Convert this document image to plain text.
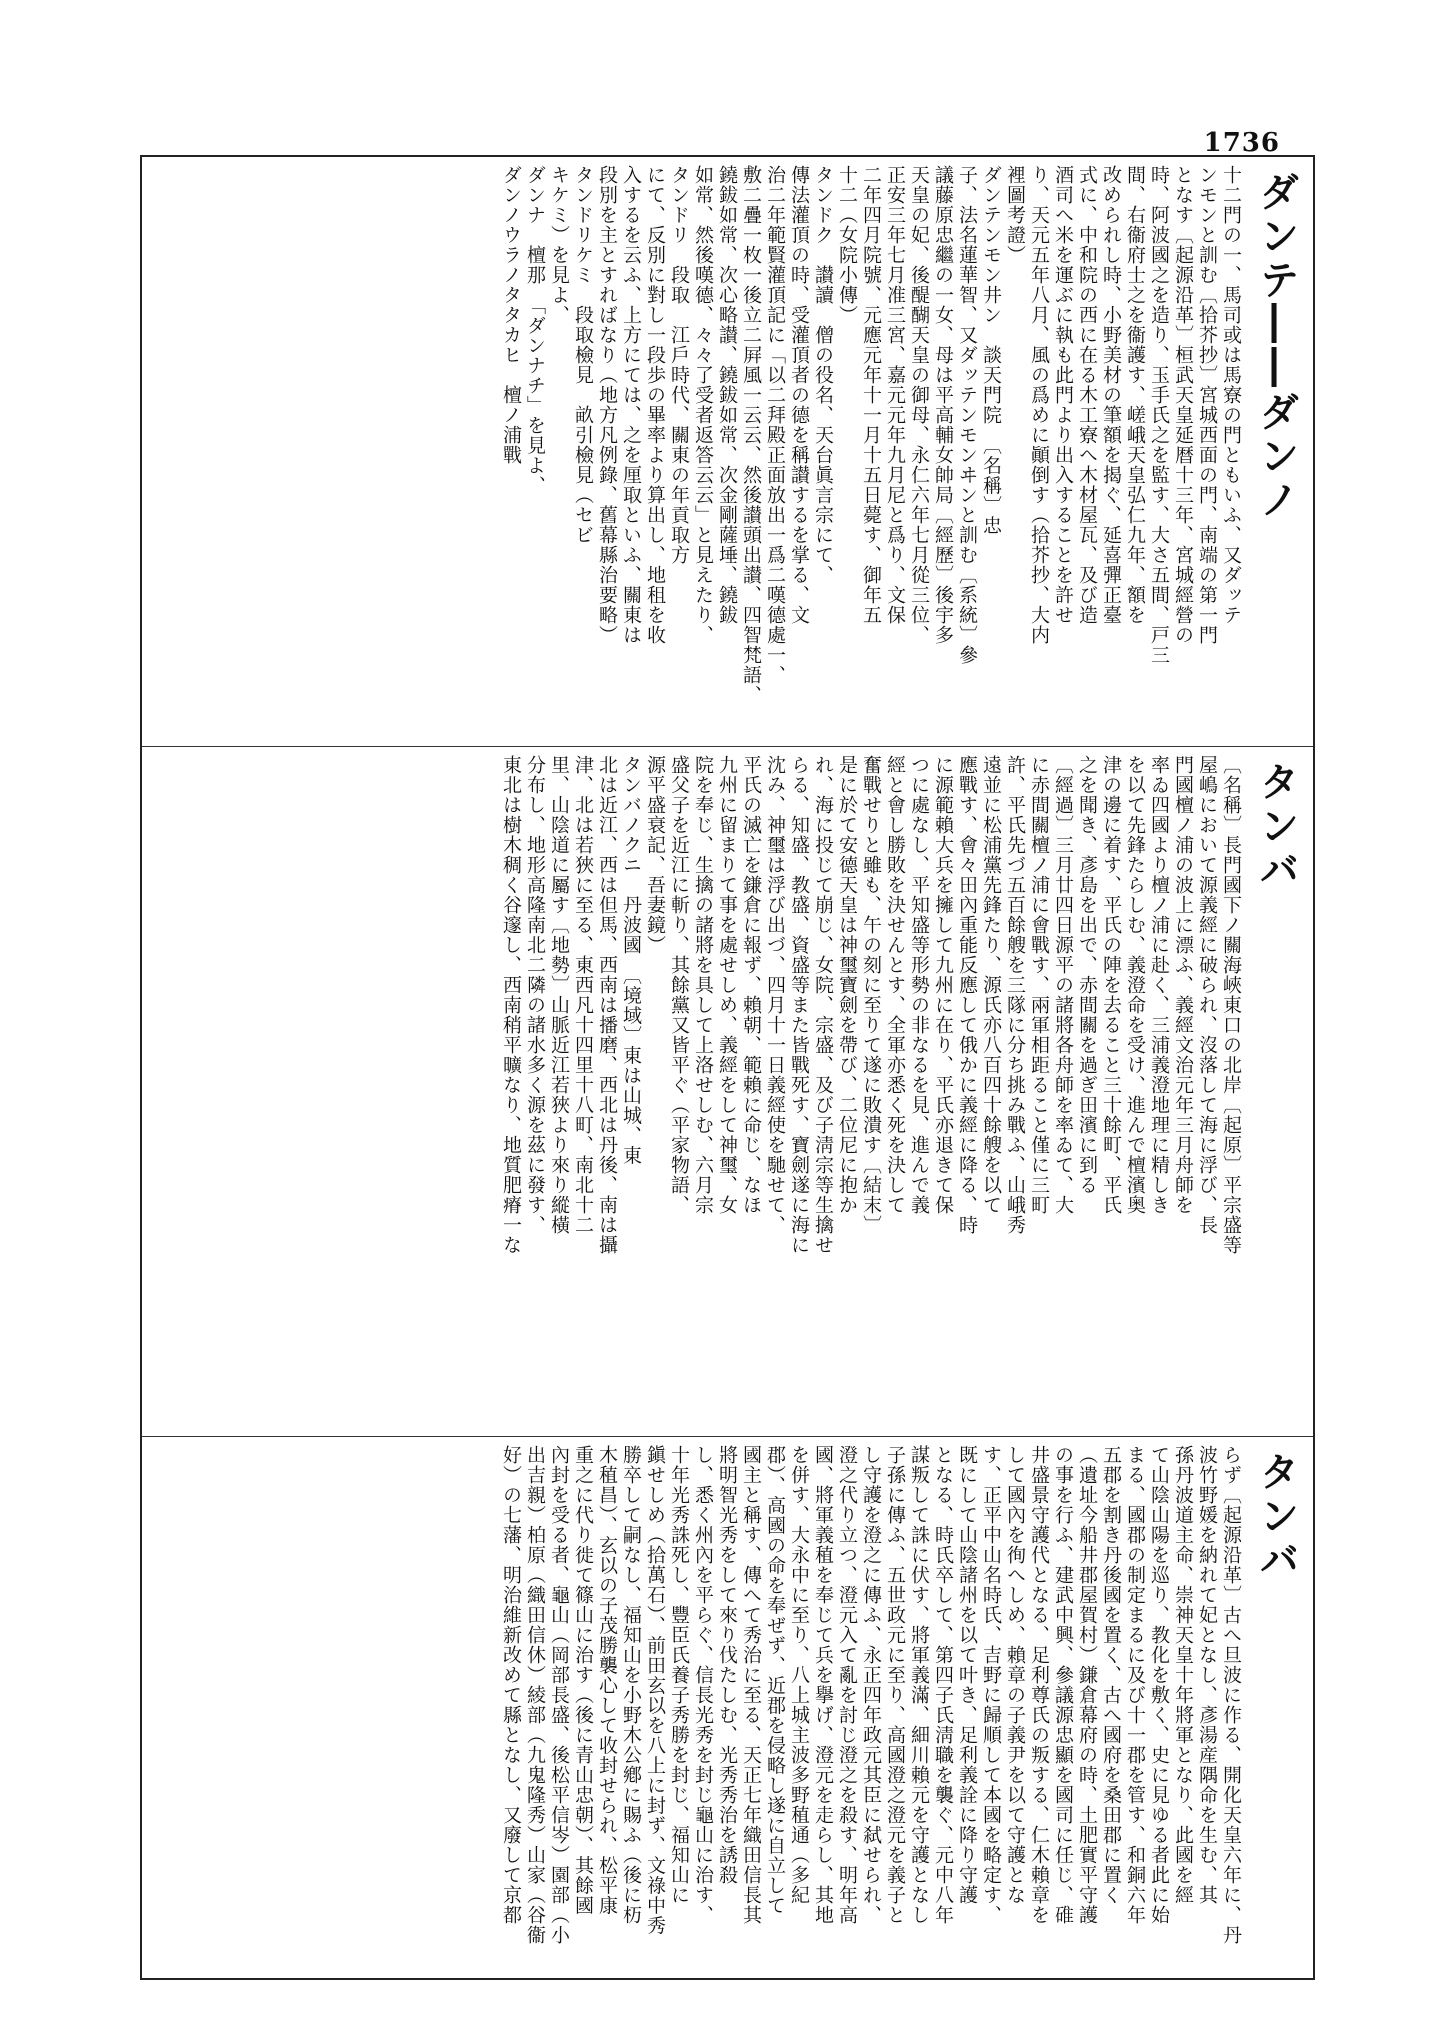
1736
ダンテ――ダンノ
十二門の一、馬司或は馬寮の門ともいふ、又ダッテ
ンモンと訓む〔拾芥抄〕宮城西面の門、南端の第一門
となす〔起源沿革〕桓武天皇延暦十三年、宮城經營の
時、阿波國之を造り、玉手氏之を監す、大さ五間、戸三
間、右衞府士之を衞護す、嵯峨天皇弘仁九年、額を
改められし時、小野美材の筆額を揭ぐ、延喜彈正臺
式に、中和院の西に在る木工寮へ木材屋瓦、及び造
酒司へ米を運ぶに執も此門より出入することを許せ
り、天元五年八月、風の爲めに顚倒す（拾芥抄、大内
裡圖考證）
ダンテンモン井ン　談天門院　〔名稱〕忠
子、法名蓮華智、又ダッテンモンヰンと訓む〔系統〕參
議藤原忠繼の一女、母は平高輔女帥局〔經歷〕後宇多
天皇の妃、後醍醐天皇の御母、永仁六年七月從三位、
正安三年七月准三宮、嘉元元年九月尼と爲り、文保
二年四月院號、元應元年十一月十五日薨す、御年五
十二（女院小傳）
タンドク　讃讀　僧の役名、天台眞言宗にて、
傳法灌頂の時、受灌頂者の德を稱讃するを掌る、文
治二年範賢灌頂記に「以二拜殿正面放出一爲二嘆德處一、
敷二疊一枚一後立二屛風一云云、然後讃頭出讃、四智梵語、
鐃鈸如常、次心略讃、鐃鈸如常、次金剛薩埵、鐃鈸
如常、然後嘆德、々々了受者返答云云」と見えたり、
タンドリ　段取　江戶時代、關東の年貢取方
にて、反別に對し一段歩の畢率より算出し、地租を收
入するを云ふ、上方にては、之を厘取といふ、關東は
段別を主とすればなり（地方凡例錄、舊幕縣治要略）
タンドリケミ　段取檢見　畝引檢見（セビ
キケミ）を見よ、
ダンナ　檀那　「ダンナチ」を見よ、
ダンノウラノタタカヒ　檀ノ浦戰
タンバ
〔名稱〕長門國下ノ關海峽東口の北岸〔起原〕平宗盛等
屋嶋において源義經に破られ、沒落して海に浮び、長
門國檀ノ浦の波上に漂ふ、義經文治元年三月舟師を
率ゐ四國より檀ノ浦に赴く、三浦義澄地理に精しき
を以て先鋒たらしむ、義澄命を受け、進んで檀濱奥
津の邊に着す、平氏の陣を去ること三十餘町、平氏
之を聞き、彥島を出で、赤間關を過ぎ田濱に到る
〔經過〕三月廿四日源平の諸將各舟師を率ゐて、大
に赤間關檀ノ浦に會戰す、兩軍相距ること僅に三町
許、平氏先づ五百餘艘を三隊に分ち挑み戰ふ、山峨秀
遠並に松浦黨先鋒たり、源氏亦八百四十餘艘を以て
應戰す、會々田內重能反應して俄かに義經に降る、時
に源範賴大兵を擁して九州に在り、平氏亦退きて保
つに處なし、平知盛等形勢の非なるを見、進んで義
經と會し勝敗を決せんとす、全軍亦悉く死を決して
奮戰せりと雖も、午の刻に至りて遂に敗潰す〔結末〕
是に於て安德天皇は神璽寶劍を帶び、二位尼に抱か
れ、海に投じて崩じ、女院、宗盛、及び子淸宗等生擒せ
らる、知盛、教盛、資盛等また皆戰死す、寶劍遂に海に
沈み、神璽は浮び出づ、四月十一日義經使を馳せて、
平氏の滅亡を鎌倉に報ず、賴朝、範賴に命じ、なほ
九州に留まりて事を處せしめ、義經をして神璽、女
院を奉じ、生擒の諸將を具して上洛せしむ、六月宗
盛父子を近江に斬り、其餘黨又皆平ぐ（平家物語、
源平盛衰記、吾妻鏡）
タンバノクニ　丹波國　〔境域〕東は山城、東
北は近江、西は但馬、西南は播磨、西北は丹後、南は攝
津、北は若狹に至る、東西凡十四里十八町、南北十二
里、山陰道に屬す〔地勢〕山脈近江若狹より來り縱橫
分布し、地形高隆南北二隣の諸水多く源を茲に發す、
東北は樹木稠く谷邃し、西南稍平曠なり、地質肥瘠一な
タンバ
らず〔起源沿革〕古へ旦波に作る、開化天皇六年に、丹
波竹野媛を納れて妃となし、彥湯産隅命を生む、其
孫丹波道主命、崇神天皇十年將軍となり、此國を經
て山陰山陽を巡り、教化を敷く、史に見ゆる者此に始
まる、國郡の制定まるに及び十一郡を管す、和銅六年
五郡を割き丹後國を置く、古へ國府を桑田郡に置く
（遺址今船井郡屋賀村）鎌倉幕府の時、土肥實平守護
の事を行ふ、建武中興、參議源忠顯を國司に任じ、碓
井盛景守護代となる、足利尊氏の叛する、仁木賴章を
して國內を徇へしめ、賴章の子義尹を以て守護とな
す、正平中山名時氏、吉野に歸順して本國を略定す、
既にして山陰諸州を以て叶き、足利義詮に降り守護
となる、時氏卒して、第四子氏淸職を襲ぐ、元中八年
謀叛して誅に伏す、將軍義滿、細川賴元を守護となし
子孫に傳ふ、五世政元に至り、高國澄之澄元を義子と
し守護を澄之に傳ふ、永正四年政元其臣に弑せられ、
澄之代り立つ、澄元入て亂を討じ澄之を殺す、明年高
國、將軍義稙を奉じて兵を擧げ、澄元を走らし、其地
を併す、大永中に至り、八上城主波多野稙通（多紀
郡）、高國の命を奉ぜず、近郡を侵略し遂に自立して
國主と稱す、傳へて秀治に至る、天正七年織田信長其
將明智光秀をして來り伐たしむ、光秀秀治を誘殺
し、悉く州內を平らぐ、信長光秀を封じ龜山に治す、
十年光秀誅死し、豐臣氏養子秀勝を封じ、福知山に
鎭せしめ（拾萬石）、前田玄以を八上に封ず、文祿中秀
勝卒して嗣なし、福知山を小野木公鄕に賜ふ（後に杤
木稙昌）、玄以の子茂勝襲心して收封せられ、松平康
重之に代り徙て篠山に治す（後に青山忠朝）、其餘國
內封を受る者、龜山（岡部長盛、後松平信岑）園部（小
出吉親）柏原（織田信休）綾部（九鬼隆秀）山家（谷衞
好）の七藩、明治維新改めて縣となし、又廢して京都
